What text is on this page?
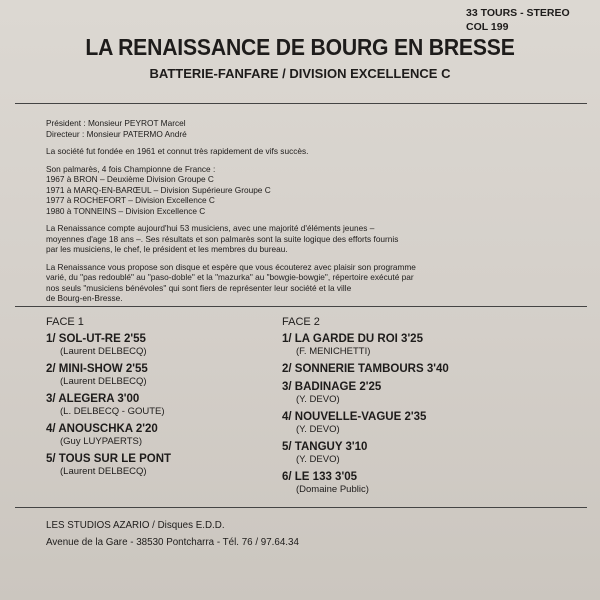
33 TOURS - STEREO
COL 199
LA RENAISSANCE DE BOURG EN BRESSE
BATTERIE-FANFARE / DIVISION EXCELLENCE C
Président : Monsieur PEYROT Marcel
Directeur : Monsieur PATERMO André
La société fut fondée en 1961 et connut très rapidement de vifs succès.
Son palmarès, 4 fois Championne de France :
1967 à BRON – Deuxième Division Groupe C
1971 à MARQ-EN-BARŒUL – Division Supérieure Groupe C
1977 à ROCHEFORT – Division Excellence C
1980 à TONNEINS – Division Excellence C
La Renaissance compte aujourd'hui 53 musiciens, avec une majorité d'éléments jeunes –
moyennes d'age 18 ans –. Ses résultats et son palmarès sont la suite logique des efforts fournis
par les musiciens, le chef, le président et les membres du bureau.
La Renaissance vous propose son disque et espère que vous écouterez avec plaisir son programme
varié, du "pas redoublé" au "paso-doble" et la "mazurka" au "bowgie-bowgie", répertoire exécuté par
nos seuls "musiciens bénévoles" qui sont fiers de représenter leur société et la ville
de Bourg-en-Bresse.
FACE 1
1/ SOL-UT-RE 2'55
(Laurent DELBECQ)
2/ MINI-SHOW 2'55
(Laurent DELBECQ)
3/ ALEGERA 3'00
(L. DELBECQ - GOUTE)
4/ ANOUSCHKA 2'20
(Guy LUYPAERTS)
5/ TOUS SUR LE PONT
(Laurent DELBECQ)
FACE 2
1/ LA GARDE DU ROI 3'25
(F. MENICHETTI)
2/ SONNERIE TAMBOURS 3'40
3/ BADINAGE 2'25
(Y. DEVO)
4/ NOUVELLE-VAGUE 2'35
(Y. DEVO)
5/ TANGUY 3'10
(Y. DEVO)
6/ LE 133 3'05
(Domaine Public)
LES STUDIOS AZARIO / Disques E.D.D.
Avenue de la Gare - 38530 Pontcharra - Tél. 76 / 97.64.34
